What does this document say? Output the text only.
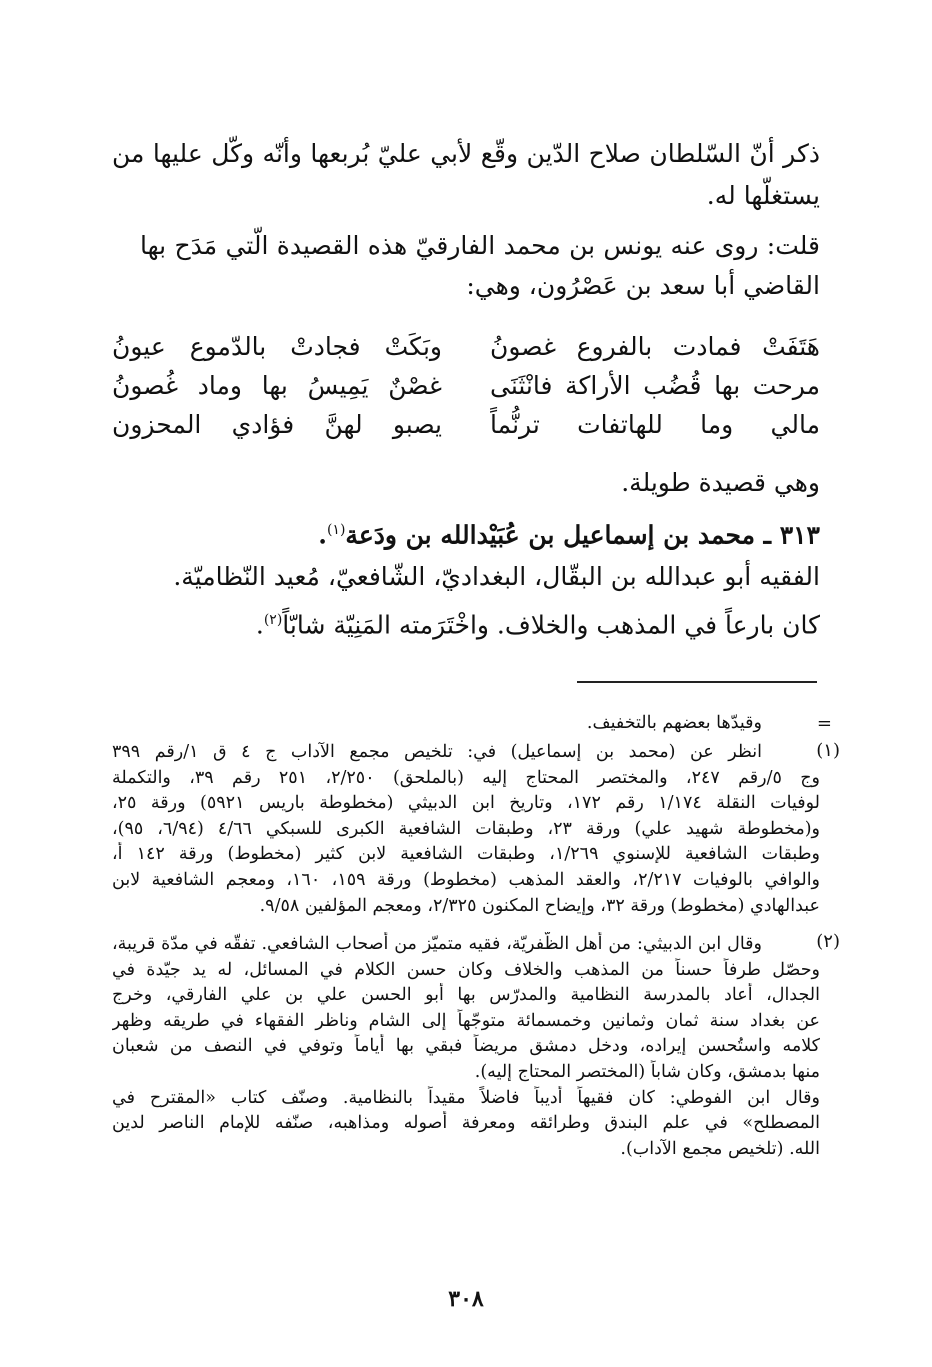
ذكر أنّ السّلطان صلاح الدّين وقّع لأبي عليّ بُربعها وأنّه وكّل عليها من
يستغلّها له.
قلت: روى عنه يونس بن محمد الفارقيّ هذه القصيدة الّتي مَدَح بها
القاضي أبا سعد بن عَصْرُون، وهي:
هَتَفَتْ فمادت بالفروع غصونُ
وبَكَتْ فجادتْ بالدّموع عيونُ
مرحت بها قُضُب الأراكة فانْثَنَى
غصْنٌ يَمِيسُ بها وماد غُصونُ
مالي وما للهاتفات ترنُّماً
يصبو لهنَّ فؤادي المحزون
وهي قصيدة طويلة.
٣١٣ ـ محمد بن إسماعيل بن عُبَيْدالله بن ودَعة$^{(١)}$.
الفقيه أبو عبدالله بن البقّال، البغداديّ، الشّافعيّ، مُعيد النّظاميّة.
كان بارعاً في المذهب والخلاف. واخْتَرَمته المَنِيّة شابّاً$^{(٢)}$.
=
وقيدّها بعضهم بالتخفيف.
(١)
انظر عن (محمد بن إسماعيل) في: تلخيص مجمع الآداب ج ٤ ق ١/رقم ٣٩٩
وج ٥/رقم ٢٤٧، والمختصر المحتاج إليه (بالملحق) ٢/٢٥٠، ٢٥١ رقم ٣٩، والتكملة
لوفيات النقلة ١/١٧٤ رقم ١٧٢، وتاريخ ابن الدبيثي (مخطوطة باريس ٥٩٢١) ورقة ٢٥،
و(مخطوطة شهيد علي) ورقة ٢٣، وطبقات الشافعية الكبرى للسبكي ٤/٦٦ (٦/٩٤، ٩٥)،
وطبقات الشافعية للإسنوي ١/٢٦٩، وطبقات الشافعية لابن كثير (مخطوط) ورقة ١٤٢ أ،
والوافي بالوفيات ٢/٢١٧، والعقد المذهب (مخطوط) ورقة ١٥٩، ١٦٠، ومعجم الشافعية لابن
عبدالهادي (مخطوط) ورقة ٣٢، وإيضاح المكنون ٢/٣٢٥، ومعجم المؤلفين ٩/٥٨.
(٢)
وقال ابن الدبيثي: من أهل الظّفريّة، فقيه متميّز من أصحاب الشافعي. تفقّه في مدّة قريبة،
وحصّل طرفاً حسناً من المذهب والخلاف وكان حسن الكلام في المسائل، له يد جيّدة في
الجدال، أعاد بالمدرسة النظامية والمدرّس بها أبو الحسن علي بن علي الفارقي، وخرج
عن بغداد سنة ثمان وثمانين وخمسمائة متوجّهاً إلى الشام وناظر الفقهاء في طريقه وظهر
كلامه واستُحسن إيراده، ودخل دمشق مريضاً فبقي بها أياماً وتوفي في النصف من شعبان
منها بدمشق، وكان شاباً (المختصر المحتاج إليه).
وقال ابن الفوطي: كان فقيهاً أديباً فاضلاً مقيداً بالنظامية. وصنّف كتاب «المقترح في
المصطلح» في علم البندق وطرائقه ومعرفة أصوله ومذاهبه، صنّفه للإمام الناصر لدين
الله. (تلخيص مجمع الآداب).
٣٠٨
